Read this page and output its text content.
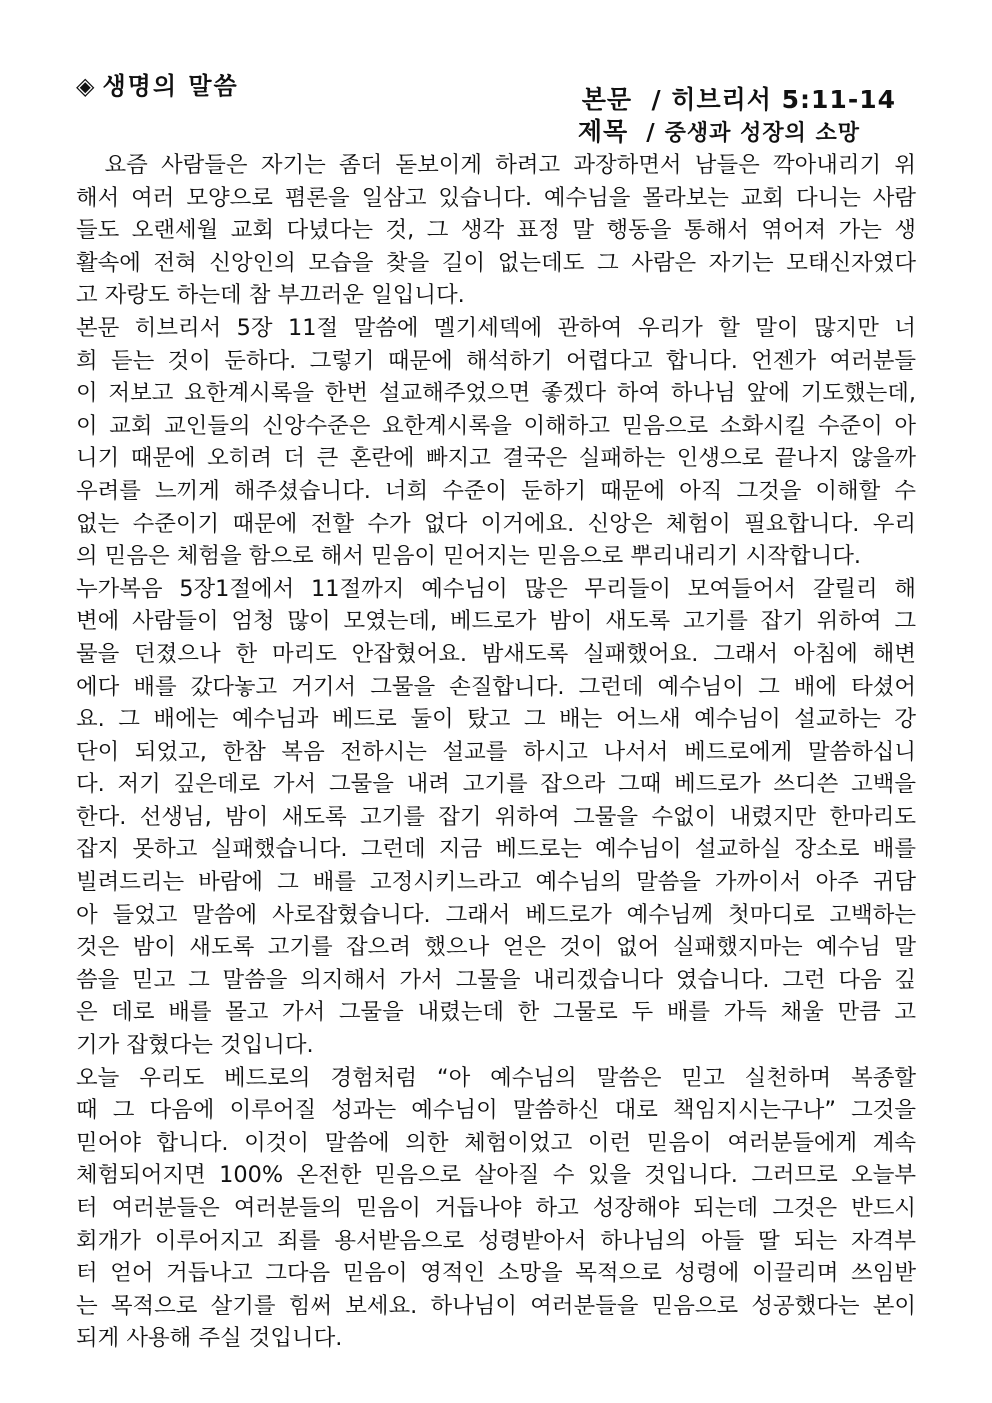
◈ 생명의 말씀	본문 / 히브리서 5:11-14
제목 / 중생과 성장의 소망
　요즘 사람들은 자기는 좀더 돋보이게 하려고 과장하면서 남들은 깍아내리기 위
해서 여러 모양으로 폄론을 일삼고 있습니다. 예수님을 몰라보는 교회 다니는 사람
들도 오랜세월 교회 다녔다는 것, 그 생각 표정 말 행동을 통해서 엮어져 가는 생
활속에 전혀 신앙인의 모습을 찾을 길이 없는데도 그 사람은 자기는 모태신자였다
고 자랑도 하는데 참 부끄러운 일입니다.
본문 히브리서 5장 11절 말씀에 멜기세덱에 관하여 우리가 할 말이 많지만 너
희 듣는 것이 둔하다. 그렇기 때문에 해석하기 어렵다고 합니다. 언젠가 여러분들
이 저보고 요한계시록을 한번 설교해주었으면 좋겠다 하여 하나님 앞에 기도했는데,
이 교회 교인들의 신앙수준은 요한계시록을 이해하고 믿음으로 소화시킬 수준이 아
니기 때문에 오히려 더 큰 혼란에 빠지고 결국은 실패하는 인생으로 끝나지 않을까
우려를 느끼게 해주셨습니다. 너희 수준이 둔하기 때문에 아직 그것을 이해할 수
없는 수준이기 때문에 전할 수가 없다 이거에요. 신앙은 체험이 필요합니다. 우리
의 믿음은 체험을 함으로 해서 믿음이 믿어지는 믿음으로 뿌리내리기 시작합니다.
누가복음 5장1절에서 11절까지 예수님이 많은 무리들이 모여들어서 갈릴리 해
변에 사람들이 엄청 많이 모였는데, 베드로가 밤이 새도록 고기를 잡기 위하여 그
물을 던졌으나 한 마리도 안잡혔어요. 밤새도록 실패했어요. 그래서 아침에 해변
에다 배를 갔다놓고 거기서 그물을 손질합니다. 그런데 예수님이 그 배에 타셨어
요. 그 배에는 예수님과 베드로 둘이 탔고 그 배는 어느새 예수님이 설교하는 강
단이 되었고, 한참 복음 전하시는 설교를 하시고 나서서 베드로에게 말씀하십니
다. 저기 깊은데로 가서 그물을 내려 고기를 잡으라 그때 베드로가 쓰디쓴 고백을
한다. 선생님, 밤이 새도록 고기를 잡기 위하여 그물을 수없이 내렸지만 한마리도
잡지 못하고 실패했습니다. 그런데 지금 베드로는 예수님이 설교하실 장소로 배를
빌려드리는 바람에 그 배를 고정시키느라고 예수님의 말씀을 가까이서 아주 귀담
아 들었고 말씀에 사로잡혔습니다. 그래서 베드로가 예수님께 첫마디로 고백하는
것은 밤이 새도록 고기를 잡으려 했으나 얻은 것이 없어 실패했지마는 예수님 말
씀을 믿고 그 말씀을 의지해서 가서 그물을 내리겠습니다 였습니다. 그런 다음 깊
은 데로 배를 몰고 가서 그물을 내렸는데 한 그물로 두 배를 가득 채울 만큼 고
기가 잡혔다는 것입니다.
오늘 우리도 베드로의 경험처럼 “아 예수님의 말씀은 믿고 실천하며 복종할
때 그 다음에 이루어질 성과는 예수님이 말씀하신 대로 책임지시는구나” 그것을
믿어야 합니다. 이것이 말씀에 의한 체험이었고 이런 믿음이 여러분들에게 계속
체험되어지면 100% 온전한 믿음으로 살아질 수 있을 것입니다. 그러므로 오늘부
터 여러분들은 여러분들의 믿음이 거듭나야 하고 성장해야 되는데 그것은 반드시
회개가 이루어지고 죄를 용서받음으로 성령받아서 하나님의 아들 딸 되는 자격부
터 얻어 거듭나고 그다음 믿음이 영적인 소망을 목적으로 성령에 이끌리며 쓰임받
는 목적으로 살기를 힘써 보세요. 하나님이 여러분들을 믿음으로 성공했다는 본이
되게 사용해 주실 것입니다.
